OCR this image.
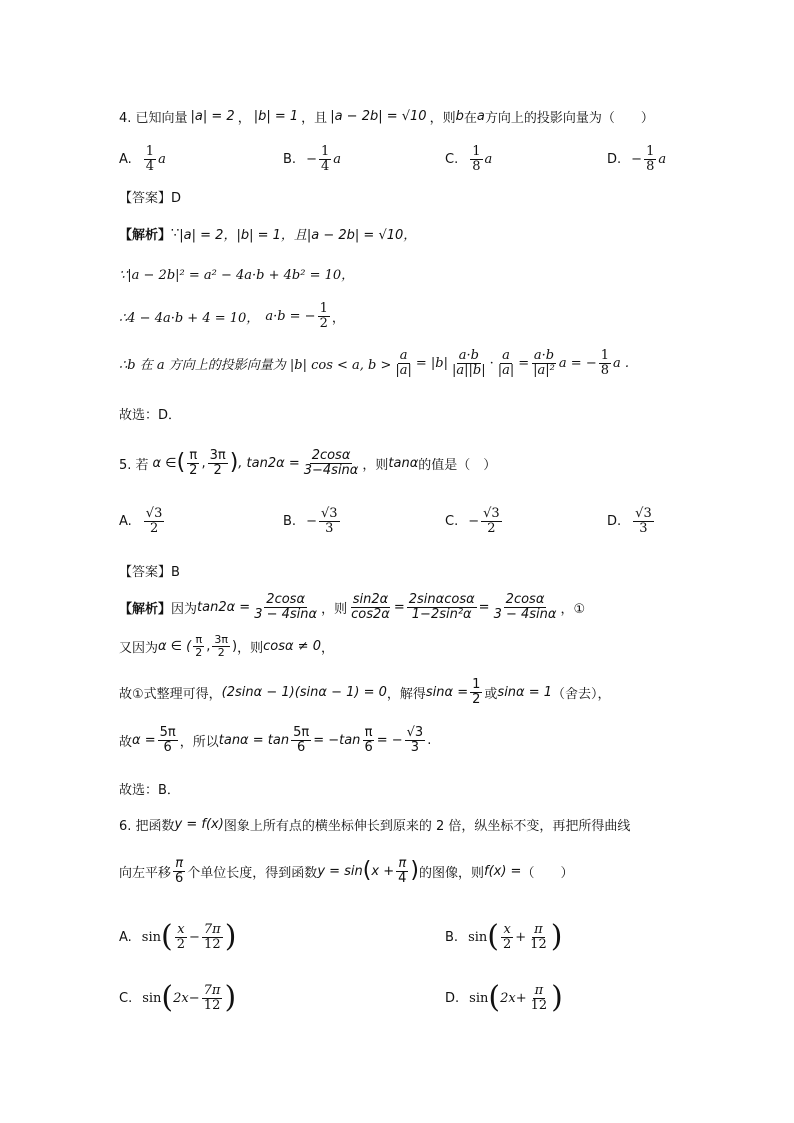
4. 已知向量 |a| = 2 ， |b| = 1 ，且 |a − 2b| = √10 ，则 b 在 a 方向上的投影向量为（　　）
A. $\frac{1}{4}$ a	B. − $\frac{1}{4}$ a	C. $\frac{1}{8}$ a	D. − $\frac{1}{8}$ a
【答案】D
【解析】 ∵ |a| = 2，|b| = 1，且|a − 2b| = √10，
∵|a − 2b|² = a² − 4a·b + 4b² = 10，
∴4 − 4a·b + 4 = 10， a·b = − $\frac{1}{2}$ ，
∴b 在 a 方向上的投影向量为 |b| cos < a, $b > \frac{a}{|a|} = |b| \frac{a\cdot b}{|a||b|} \cdot \frac{a}{|a|} = \frac{a\cdot b}{\text{|a|²}}$ a = − $\frac{1}{8}$ a .
故选：D．
5. 若 α ∈ ( $\frac{\pi}{2}$ , $\frac{3\pi}{2}$ ) , $\tan 2\alpha = \frac{2\cos\alpha}{3-4\sin\alpha}$ ，则 tanα 的值是（　）
A. $\frac{√3}{2}$	B. − $\frac{√3}{3}$	C. − $\frac{√3}{2}$	D. $\frac{√3}{3}$
【答案】B
【解析】 因为 $\tan 2\alpha = \frac{2\cos\alpha}{3 - 4\sin\alpha}$ ，则 $\frac{\sin 2\alpha}{\cos 2\alpha} = \frac{2\sin\alpha\cos\alpha}{\text{1−2sin²α}} = \frac{2\cos\alpha}{3 - 4\sin\alpha}$ ，①
又因为 α ∈ ( $\frac{\pi}{2}$ , $\frac{3\pi}{2}$ ) ，则 cosα ≠ 0 ，
故①式整理可得， (2sinα − 1)(sinα − 1) = 0 ，解得 $\sin\alpha = \frac{1}{2}$ 或 sinα = 1 （舍去），
故 $\alpha = \frac{5\pi}{6}$ ，所以 $\tan\alpha = \tan \frac{5\pi}{6} = -\tan \frac{\pi}{6}$ = − $\frac{√3}{3}$ .
故选：B．
6. 把函数 y = f(x) 图象上所有点的横坐标伸长到原来的 2 倍，纵坐标不变，再把所得曲线
向左平移 $\frac{\pi}{6}$ 个单位长度，得到函数 y = sin ( $x + \frac{\pi}{4}$ ) 的图像，则 f(x) = （　　）
A. sin ( $\frac{x}{2} - \frac{7\pi}{12}$ )	B. sin ( $\frac{x}{2} + \frac{\pi}{12}$ )
C. sin ( $2x - \frac{7\pi}{12}$ )	D. sin ( $2x + \frac{\pi}{12}$ )
